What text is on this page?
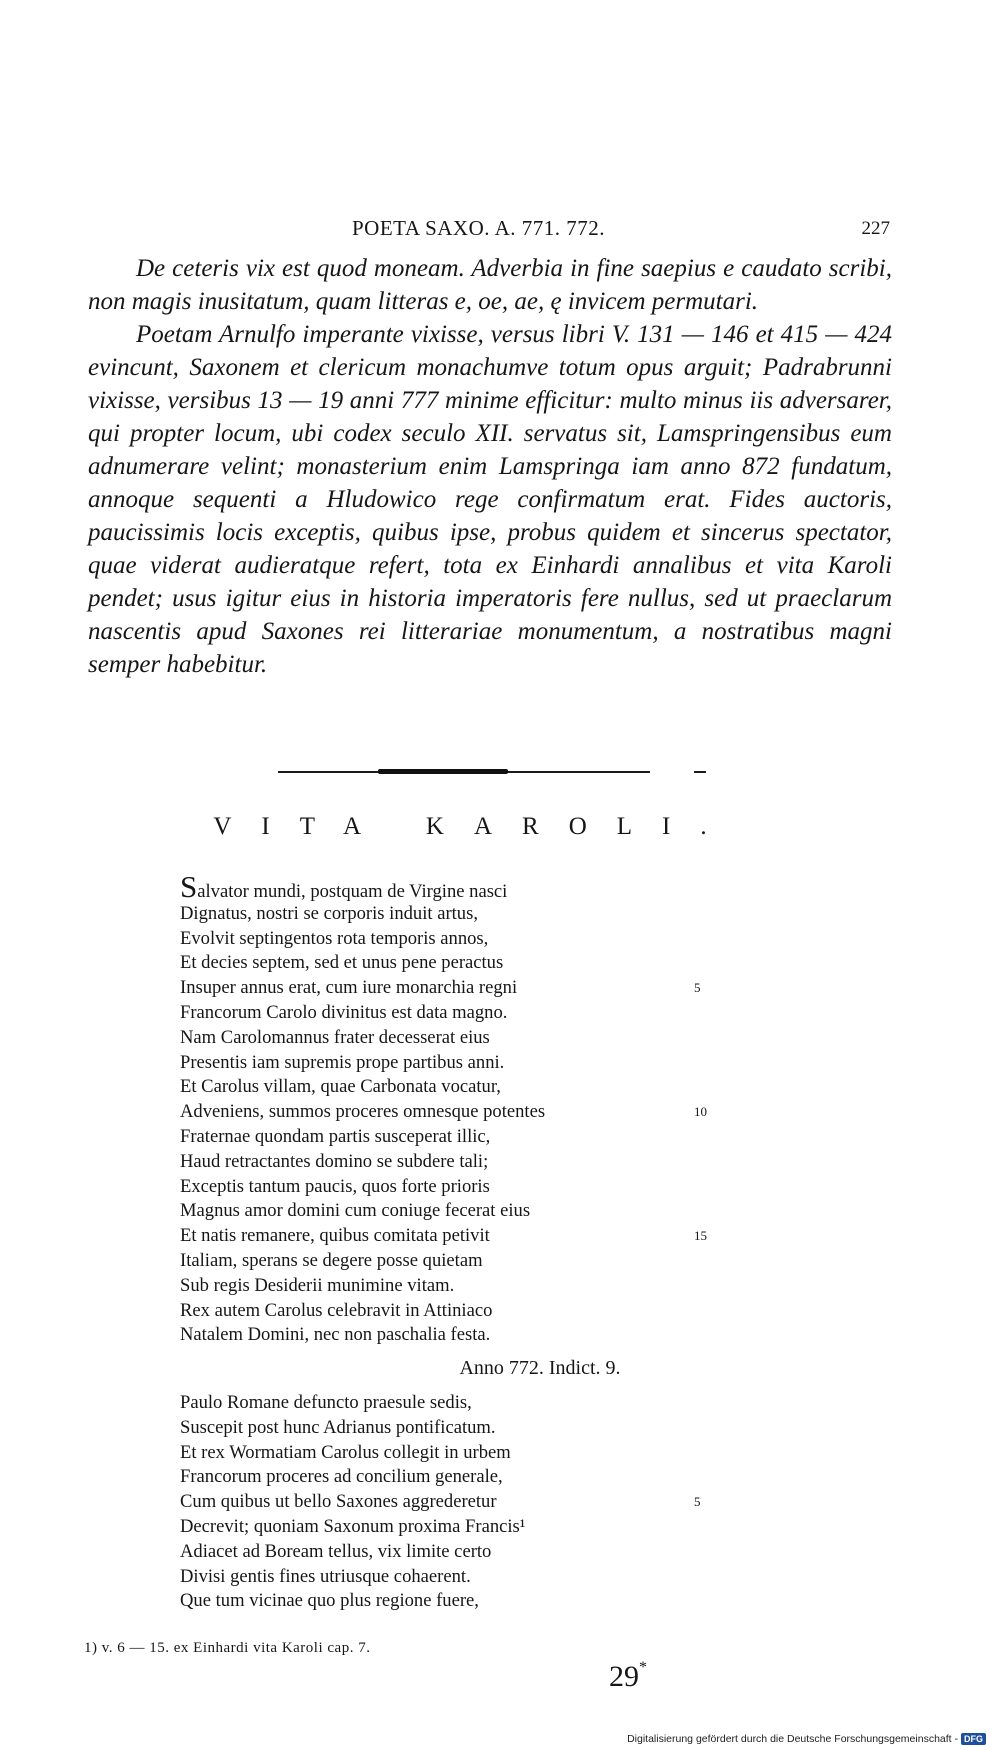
POETA SAXO. A. 771. 772.	227

De ceteris vix est quod moneam. Adverbia in fine saepius e caudato scribi, non magis inusitatum, quam litteras e, oe, ae, ę invicem permutari.

Poetam Arnulfo imperante vixisse, versus libri V. 131 — 146 et 415 — 424 evincunt, Saxonem et clericum monachumve totum opus arguit; Padrabrunni vixisse, versibus 13 — 19 anni 777 minime efficitur: multo minus iis adversarer, qui propter locum, ubi codex seculo XII. servatus sit, Lamspringensibus eum adnumerare velint; monasterium enim Lamspringa iam anno 872 fundatum, annoque sequenti a Hludowico rege confirmatum erat. Fides auctoris, paucissimis locis exceptis, quibus ipse, probus quidem et sincerus spectator, quae viderat audieratque refert, tota ex Einhardi annalibus et vita Karoli pendet; usus igitur eius in historia imperatoris fere nullus, sed ut praeclarum nascentis apud Saxones rei litterariae monumentum, a nostratibus magni semper habebitur.

VITA KAROLI.
Salvator mundi, postquam de Virgine nasci
Dignatus, nostri se corporis induit artus,
Evolvit septingentos rota temporis annos,
Et decies septem, sed et unus pene peractus
Insuper annus erat, cum iure monarchia regni	5
Francorum Carolo divinitus est data magno.
Nam Carolomannus frater decesserat eius
Presentis iam supremis prope partibus anni.
Et Carolus villam, quae Carbonata vocatur,
Adveniens, summos proceres omnesque potentes	10
Fraternae quondam partis susceperat illic,
Haud retractantes domino se subdere tali;
Exceptis tantum paucis, quos forte prioris
Magnus amor domini cum coniuge fecerat eius
Et natis remanere, quibus comitata petivit	15
Italiam, sperans se degere posse quietam
Sub regis Desiderii munimine vitam.
Rex autem Carolus celebravit in Attiniaco
Natalem Domini, nec non paschalia festa.
Anno 772. Indict. 9.
Paulo Romane defuncto praesule sedis,
Suscepit post hunc Adrianus pontificatum.
Et rex Wormatiam Carolus collegit in urbem
Francorum proceres ad concilium generale,
Cum quibus ut bello Saxones aggrederetur	5
Decrevit; quoniam Saxonum proxima Francis¹
Adiacet ad Boream tellus, vix limite certo
Divisi gentis fines utriusque cohaerent.
Que tum vicinae quo plus regione fuere,
1) v. 6 — 15. ex Einhardi vita Karoli cap. 7.
29*
Digitalisierung gefördert durch die Deutsche Forschungsgemeinschaft - DFG
